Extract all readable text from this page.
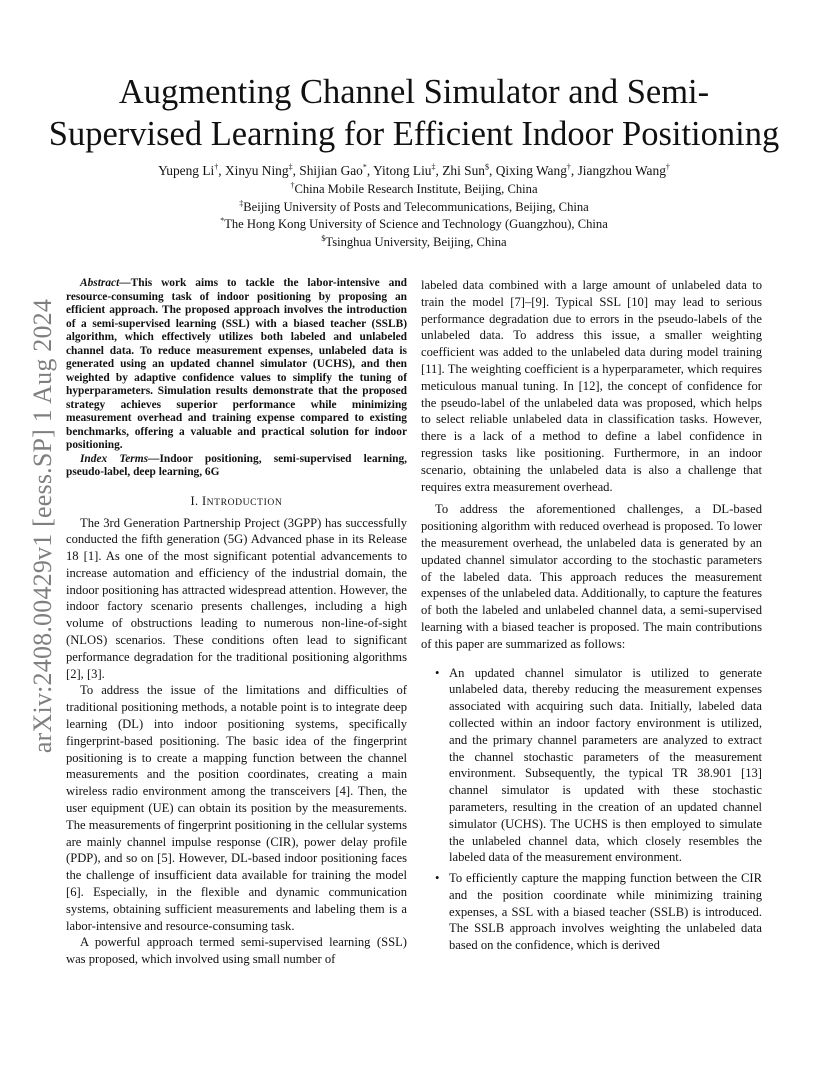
arXiv:2408.00429v1 [eess.SP] 1 Aug 2024
Augmenting Channel Simulator and Semi-
Supervised Learning for Efficient Indoor Positioning
Yupeng Li†, Xinyu Ning‡, Shijian Gao*, Yitong Liu‡, Zhi Sun$, Qixing Wang†, Jiangzhou Wang†
†China Mobile Research Institute, Beijing, China
‡Beijing University of Posts and Telecommunications, Beijing, China
*The Hong Kong University of Science and Technology (Guangzhou), China
$Tsinghua University, Beijing, China

Abstract—This work aims to tackle the labor-intensive and resource-consuming task of indoor positioning by proposing an efficient approach. The proposed approach involves the introduction of a semi-supervised learning (SSL) with a biased teacher (SSLB) algorithm, which effectively utilizes both labeled and unlabeled channel data. To reduce measurement expenses, unlabeled data is generated using an updated channel simulator (UCHS), and then weighted by adaptive confidence values to simplify the tuning of hyperparameters. Simulation results demonstrate that the proposed strategy achieves superior performance while minimizing measurement overhead and training expense compared to existing benchmarks, offering a valuable and practical solution for indoor positioning.

Index Terms—Indoor positioning, semi-supervised learning, pseudo-label, deep learning, 6G

I. INTRODUCTION

The 3rd Generation Partnership Project (3GPP) has successfully conducted the fifth generation (5G) Advanced phase in its Release 18 [1]. As one of the most significant potential advancements to increase automation and efficiency of the industrial domain, the indoor positioning has attracted widespread attention. However, the indoor factory scenario presents challenges, including a high volume of obstructions leading to numerous non-line-of-sight (NLOS) scenarios. These conditions often lead to significant performance degradation for the traditional positioning algorithms [2], [3].

To address the issue of the limitations and difficulties of traditional positioning methods, a notable point is to integrate deep learning (DL) into indoor positioning systems, specifically fingerprint-based positioning. The basic idea of the fingerprint positioning is to create a mapping function between the channel measurements and the position coordinates, creating a main wireless radio environment among the transceivers [4]. Then, the user equipment (UE) can obtain its position by the measurements. The measurements of fingerprint positioning in the cellular systems are mainly channel impulse response (CIR), power delay profile (PDP), and so on [5]. However, DL-based indoor positioning faces the challenge of insufficient data available for training the model [6]. Especially, in the flexible and dynamic communication systems, obtaining sufficient measurements and labeling them is a labor-intensive and resource-consuming task.

A powerful approach termed semi-supervised learning (SSL) was proposed, which involved using small number of

labeled data combined with a large amount of unlabeled data to train the model [7]–[9]. Typical SSL [10] may lead to serious performance degradation due to errors in the pseudo-labels of the unlabeled data. To address this issue, a smaller weighting coefficient was added to the unlabeled data during model training [11]. The weighting coefficient is a hyperparameter, which requires meticulous manual tuning. In [12], the concept of confidence for the pseudo-label of the unlabeled data was proposed, which helps to select reliable unlabeled data in classification tasks. However, there is a lack of a method to define a label confidence in regression tasks like positioning. Furthermore, in an indoor scenario, obtaining the unlabeled data is also a challenge that requires extra measurement overhead.

To address the aforementioned challenges, a DL-based positioning algorithm with reduced overhead is proposed. To lower the measurement overhead, the unlabeled data is generated by an updated channel simulator according to the stochastic parameters of the labeled data. This approach reduces the measurement expenses of the unlabeled data. Additionally, to capture the features of both the labeled and unlabeled channel data, a semi-supervised learning with a biased teacher is proposed. The main contributions of this paper are summarized as follows:

• An updated channel simulator is utilized to generate unlabeled data, thereby reducing the measurement expenses associated with acquiring such data. Initially, labeled data collected within an indoor factory environment is utilized, and the primary channel parameters are analyzed to extract the channel stochastic parameters of the measurement environment. Subsequently, the typical TR 38.901 [13] channel simulator is updated with these stochastic parameters, resulting in the creation of an updated channel simulator (UCHS). The UCHS is then employed to simulate the unlabeled channel data, which closely resembles the labeled data of the measurement environment.
• To efficiently capture the mapping function between the CIR and the position coordinate while minimizing training expenses, a SSL with a biased teacher (SSLB) is introduced. The SSLB approach involves weighting the unlabeled data based on the confidence, which is derived
